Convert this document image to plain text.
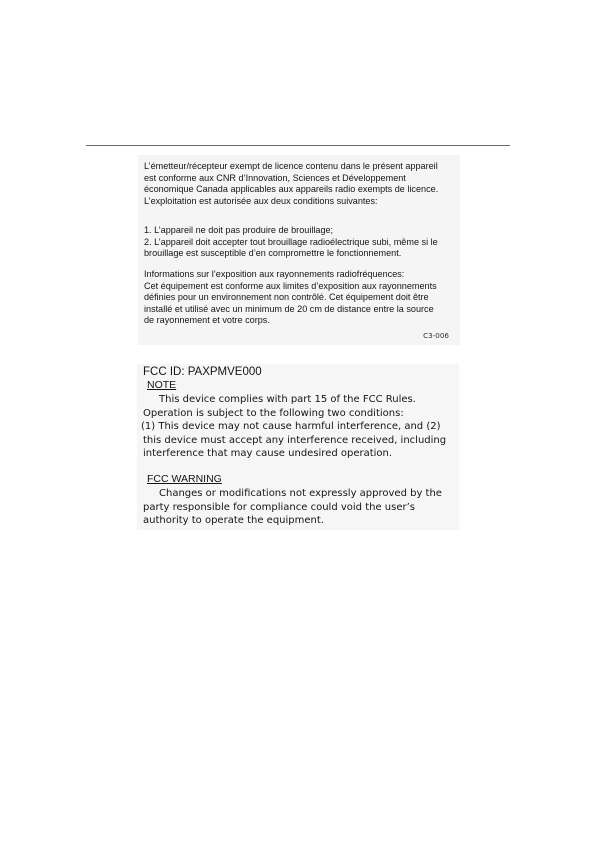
L’émetteur/récepteur exempt de licence contenu dans le présent appareil
est conforme aux CNR d’Innovation, Sciences et Développement
économique Canada applicables aux appareils radio exempts de licence.
L’exploitation est autorisée aux deux conditions suivantes:

1. L’appareil ne doit pas produire de brouillage;
2. L’appareil doit accepter tout brouillage radioélectrique subi, même si le
brouillage est susceptible d’en compromettre le fonctionnement.

Informations sur l’exposition aux rayonnements radiofréquences:
Cet équipement est conforme aux limites d’exposition aux rayonnements
définies pour un environnement non contrôlé. Cet équipement doit être
installé et utilisé avec un minimum de 20 cm de distance entre la source
de rayonnement et votre corps.

C3-006
FCC ID: PAXPMVE000
NOTE
This device complies with part 15 of the FCC Rules.
Operation is subject to the following two conditions:
(1) This device may not cause harmful interference, and (2)
this device must accept any interference received, including
interference that may cause undesired operation.
FCC WARNING
Changes or modifications not expressly approved by the
party responsible for compliance could void the user’s
authority to operate the equipment.
